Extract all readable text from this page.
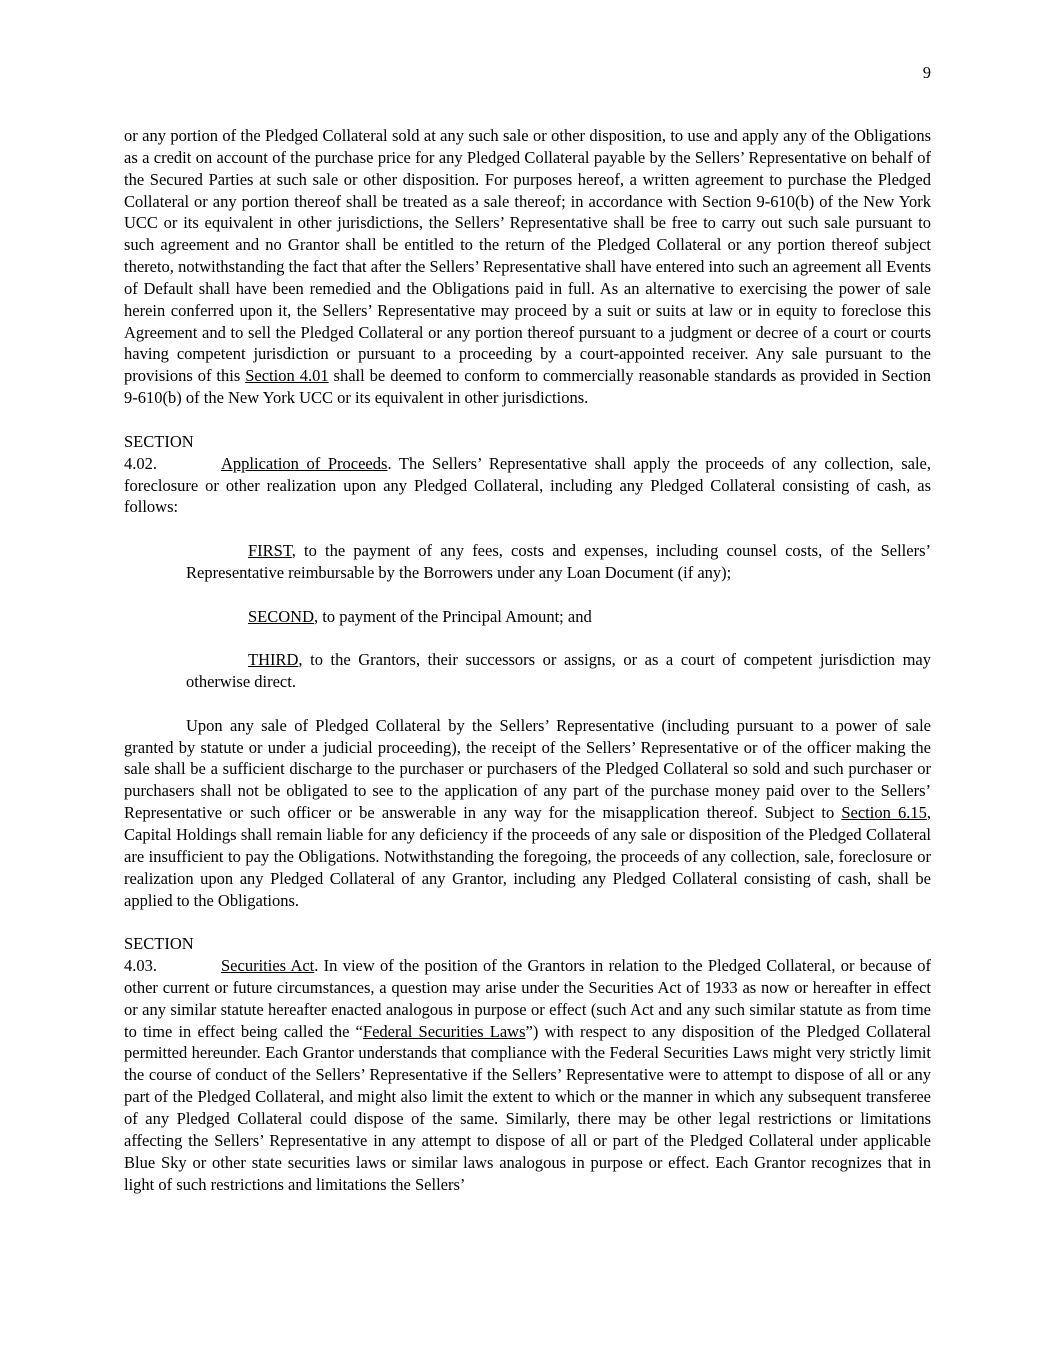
9

or any portion of the Pledged Collateral sold at any such sale or other disposition, to use and apply any of the Obligations as a credit on account of the purchase price for any Pledged Collateral payable by the Sellers’ Representative on behalf of the Secured Parties at such sale or other disposition. For purposes hereof, a written agreement to purchase the Pledged Collateral or any portion thereof shall be treated as a sale thereof; in accordance with Section 9-610(b) of the New York UCC or its equivalent in other jurisdictions, the Sellers’ Representative shall be free to carry out such sale pursuant to such agreement and no Grantor shall be entitled to the return of the Pledged Collateral or any portion thereof subject thereto, notwithstanding the fact that after the Sellers’ Representative shall have entered into such an agreement all Events of Default shall have been remedied and the Obligations paid in full. As an alternative to exercising the power of sale herein conferred upon it, the Sellers’ Representative may proceed by a suit or suits at law or in equity to foreclose this Agreement and to sell the Pledged Collateral or any portion thereof pursuant to a judgment or decree of a court or courts having competent jurisdiction or pursuant to a proceeding by a court-appointed receiver. Any sale pursuant to the provisions of this Section 4.01 shall be deemed to conform to commercially reasonable standards as provided in Section 9-610(b) of the New York UCC or its equivalent in other jurisdictions.

SECTION 4.02.	Application of Proceeds. The Sellers’ Representative shall apply the proceeds of any collection, sale, foreclosure or other realization upon any Pledged Collateral, including any Pledged Collateral consisting of cash, as follows:

FIRST, to the payment of any fees, costs and expenses, including counsel costs, of the Sellers’ Representative reimbursable by the Borrowers under any Loan Document (if any);

SECOND, to payment of the Principal Amount; and

THIRD, to the Grantors, their successors or assigns, or as a court of competent jurisdiction may otherwise direct.

Upon any sale of Pledged Collateral by the Sellers’ Representative (including pursuant to a power of sale granted by statute or under a judicial proceeding), the receipt of the Sellers’ Representative or of the officer making the sale shall be a sufficient discharge to the purchaser or purchasers of the Pledged Collateral so sold and such purchaser or purchasers shall not be obligated to see to the application of any part of the purchase money paid over to the Sellers’ Representative or such officer or be answerable in any way for the misapplication thereof. Subject to Section 6.15, Capital Holdings shall remain liable for any deficiency if the proceeds of any sale or disposition of the Pledged Collateral are insufficient to pay the Obligations. Notwithstanding the foregoing, the proceeds of any collection, sale, foreclosure or realization upon any Pledged Collateral of any Grantor, including any Pledged Collateral consisting of cash, shall be applied to the Obligations.

SECTION 4.03.	Securities Act. In view of the position of the Grantors in relation to the Pledged Collateral, or because of other current or future circumstances, a question may arise under the Securities Act of 1933 as now or hereafter in effect or any similar statute hereafter enacted analogous in purpose or effect (such Act and any such similar statute as from time to time in effect being called the “Federal Securities Laws”) with respect to any disposition of the Pledged Collateral permitted hereunder. Each Grantor understands that compliance with the Federal Securities Laws might very strictly limit the course of conduct of the Sellers’ Representative if the Sellers’ Representative were to attempt to dispose of all or any part of the Pledged Collateral, and might also limit the extent to which or the manner in which any subsequent transferee of any Pledged Collateral could dispose of the same. Similarly, there may be other legal restrictions or limitations affecting the Sellers’ Representative in any attempt to dispose of all or part of the Pledged Collateral under applicable Blue Sky or other state securities laws or similar laws analogous in purpose or effect. Each Grantor recognizes that in light of such restrictions and limitations the Sellers’
